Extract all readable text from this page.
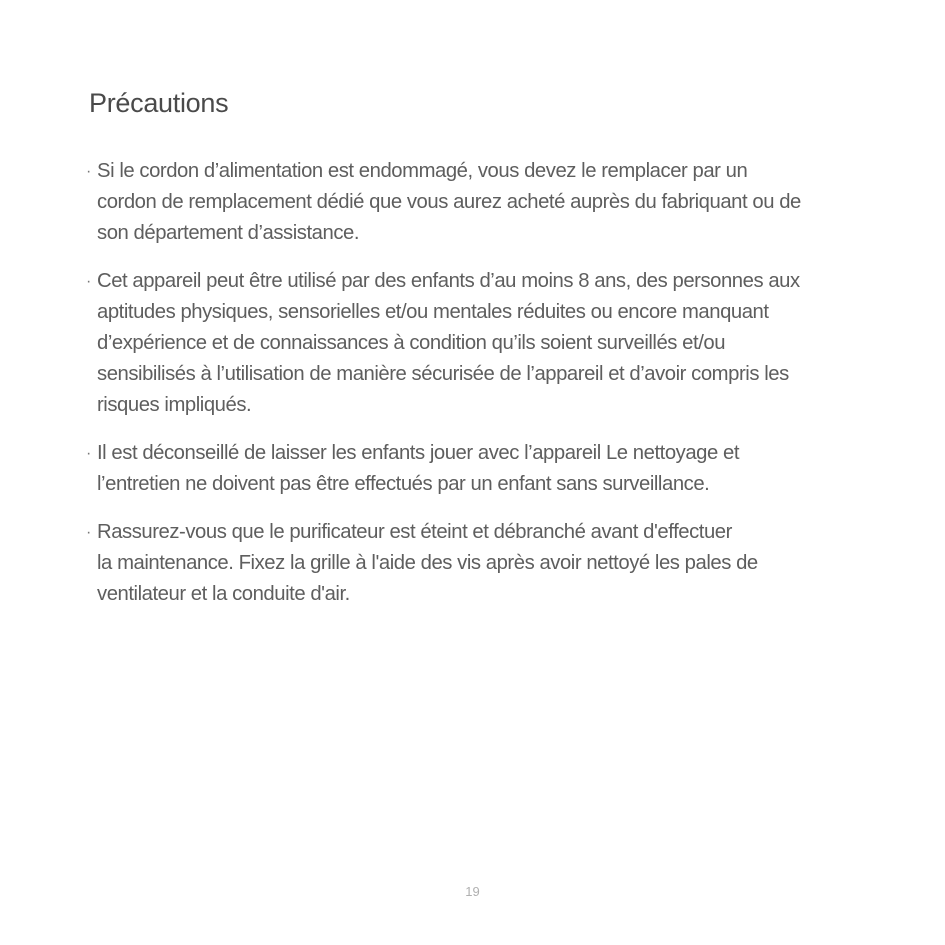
Précautions
· Si le cordon d’alimentation est endommagé, vous devez le remplacer par un
cordon de remplacement dédié que vous aurez acheté auprès du fabriquant ou de
son département d’assistance.
· Cet appareil peut être utilisé par des enfants d’au moins 8 ans, des personnes aux
aptitudes physiques, sensorielles et/ou mentales réduites ou encore manquant
d’expérience et de connaissances à condition qu’ils soient surveillés et/ou
sensibilisés à l’utilisation de manière sécurisée de l’appareil et d’avoir compris les
risques impliqués.
· Il est déconseillé de laisser les enfants jouer avec l’appareil Le nettoyage et
l’entretien ne doivent pas être effectués par un enfant sans surveillance.
· Rassurez-vous que le purificateur est éteint et débranché avant d'effectuer
la maintenance. Fixez la grille à l'aide des vis après avoir nettoyé les pales de
ventilateur et la conduite d'air.
19
